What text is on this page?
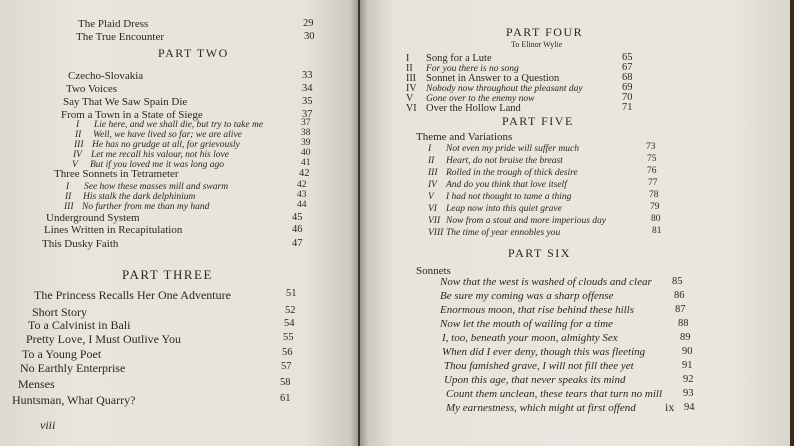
The Plaid Dress	29
The True Encounter	30
PART TWO
Czecho-Slovakia	33
Two Voices	34
Say That We Saw Spain Die	35
From a Town in a State of Siege	37
I Lie here, and we shall die, but try to take me	37
II Well, we have lived so far; we are alive	38
III He has no grudge at all, for grievously	39
IV Let me recall his valour, not his love	40
V But if you loved me it was long ago	41
Three Sonnets in Tetrameter	42
I See how these masses mill and swarm	42
II His stalk the dark delphinium	43
III No further from me than my hand	44
Underground System	45
Lines Written in Recapitulation	46
This Dusky Faith	47
PART THREE
The Princess Recalls Her One Adventure	51
Short Story	52
To a Calvinist in Bali	54
Pretty Love, I Must Outlive You	55
To a Young Poet	56
No Earthly Enterprise	57
Menses	58
Huntsman, What Quarry?	61
viii
PART FOUR
To Elinor Wylie
I Song for a Lute	65
II For you there is no song	67
III Sonnet in Answer to a Question	68
IV Nobody now throughout the pleasant day	69
V Gone over to the enemy now	70
VI Over the Hollow Land	71
PART FIVE
Theme and Variations
I Not even my pride will suffer much	73
II Heart, do not bruise the breast	75
III Rolled in the trough of thick desire	76
IV And do you think that love itself	77
V I had not thought to tame a thing	78
VI Leap now into this quiet grave	79
VII Now from a stout and more imperious day	80
VIII The time of year ennobles you	81
PART SIX
Sonnets
Now that the west is washed of clouds and clear 85
Be sure my coming was a sharp offense	86
Enormous moon, that rise behind these hills	87
Now let the mouth of wailing for a time	88
I, too, beneath your moon, almighty Sex	89
When did I ever deny, though this was fleeting	90
Thou famished grave, I will not fill thee yet	91
Upon this age, that never speaks its mind	92
Count them unclean, these tears that turn no mill 93
My earnestness, which might at first offend	94
ix
